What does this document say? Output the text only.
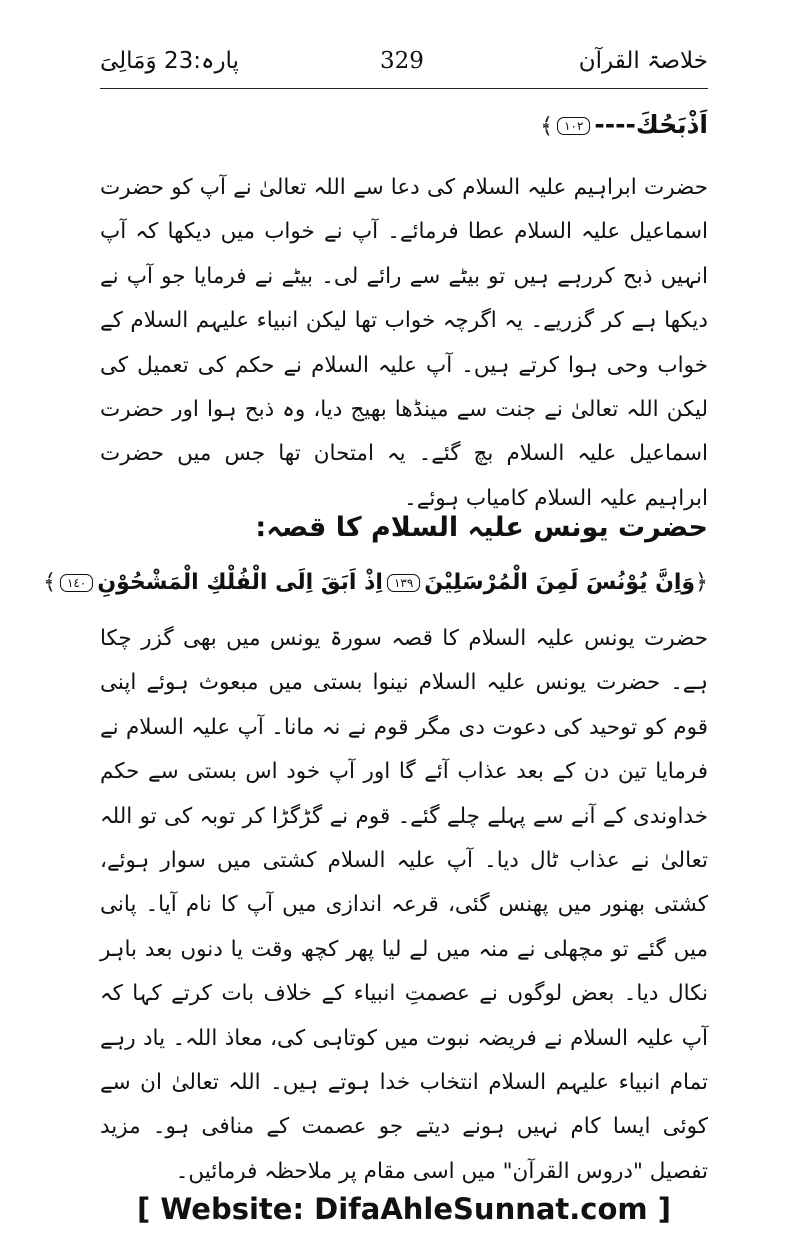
خلاصۃ القرآن
329
پارہ:23 وَمَالِیَ
اَذْبَحُكَ----١٠٢﴾
حضرت ابراہیم علیہ السلام کی دعا سے اللہ تعالیٰ نے آپ کو حضرت اسماعیل علیہ السلام عطا فرمائے۔ آپ نے خواب میں دیکھا کہ آپ انہیں ذبح کررہے ہیں تو بیٹے سے رائے لی۔ بیٹے نے فرمایا جو آپ نے دیکھا ہے کر گزریے۔ یہ اگرچہ خواب تھا لیکن انبیاء علیہم السلام کے خواب وحی ہوا کرتے ہیں۔ آپ علیہ السلام نے حکم کی تعمیل کی لیکن اللہ تعالیٰ نے جنت سے مینڈھا بھیج دیا، وہ ذبح ہوا اور حضرت اسماعیل علیہ السلام بچ گئے۔ یہ امتحان تھا جس میں حضرت ابراہیم علیہ السلام کامیاب ہوئے۔
حضرت یونس علیہ السلام کا قصہ:
﴿وَاِنَّ يُوْنُسَ لَمِنَ الْمُرْسَلِيْنَ١٣٩اِذْ اَبَقَ اِلَى الْفُلْكِ الْمَشْحُوْنِ١٤٠﴾
حضرت یونس علیہ السلام کا قصہ سورۃ یونس میں بھی گزر چکا ہے۔ حضرت یونس علیہ السلام نینوا بستی میں مبعوث ہوئے اپنی قوم کو توحید کی دعوت دی مگر قوم نے نہ مانا۔ آپ علیہ السلام نے فرمایا تین دن کے بعد عذاب آئے گا اور آپ خود اس بستی سے حکم خداوندی کے آنے سے پہلے چلے گئے۔ قوم نے گڑگڑا کر توبہ کی تو اللہ تعالیٰ نے عذاب ٹال دیا۔ آپ علیہ السلام کشتی میں سوار ہوئے، کشتی بھنور میں پھنس گئی، قرعہ اندازی میں آپ کا نام آیا۔ پانی میں گئے تو مچھلی نے منہ میں لے لیا پھر کچھ وقت یا دنوں بعد باہر نکال دیا۔ بعض لوگوں نے عصمتِ انبیاء کے خلاف بات کرتے کہا کہ آپ علیہ السلام نے فریضہ نبوت میں کوتاہی کی، معاذ اللہ۔ یاد رہے تمام انبیاء علیہم السلام انتخاب خدا ہوتے ہیں۔ اللہ تعالیٰ ان سے کوئی ایسا کام نہیں ہونے دیتے جو عصمت کے منافی ہو۔ مزید تفصیل "دروس القرآن" میں اسی مقام پر ملاحظہ فرمائیں۔
[ Website: DifaAhleSunnat.com ]
